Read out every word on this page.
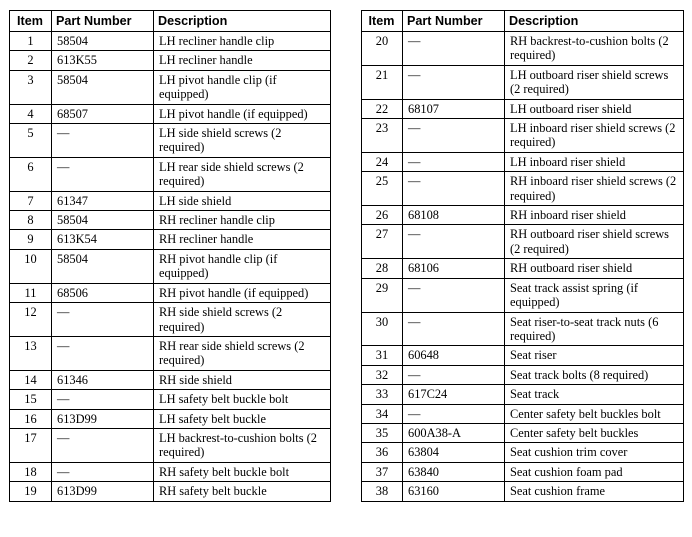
Item	Part Number	Description
1	58504	LH recliner handle clip
2	613K55	LH recliner handle
3	58504	LH pivot handle clip (if equipped)
4	68507	LH pivot handle (if equipped)
5	—	LH side shield screws (2 required)
6	—	LH rear side shield screws (2 required)
7	61347	LH side shield
8	58504	RH recliner handle clip
9	613K54	RH recliner handle
10	58504	RH pivot handle clip (if equipped)
11	68506	RH pivot handle (if equipped)
12	—	RH side shield screws (2 required)
13	—	RH rear side shield screws (2 required)
14	61346	RH side shield
15	—	LH safety belt buckle bolt
16	613D99	LH safety belt buckle
17	—	LH backrest-to-cushion bolts (2 required)
18	—	RH safety belt buckle bolt
19	613D99	RH safety belt buckle
Item	Part Number	Description
20	—	RH backrest-to-cushion bolts (2 required)
21	—	LH outboard riser shield screws (2 required)
22	68107	LH outboard riser shield
23	—	LH inboard riser shield screws (2 required)
24	—	LH inboard riser shield
25	—	RH inboard riser shield screws (2 required)
26	68108	RH inboard riser shield
27	—	RH outboard riser shield screws (2 required)
28	68106	RH outboard riser shield
29	—	Seat track assist spring (if equipped)
30	—	Seat riser-to-seat track nuts (6 required)
31	60648	Seat riser
32	—	Seat track bolts (8 required)
33	617C24	Seat track
34	—	Center safety belt buckles bolt
35	600A38-A	Center safety belt buckles
36	63804	Seat cushion trim cover
37	63840	Seat cushion foam pad
38	63160	Seat cushion frame
